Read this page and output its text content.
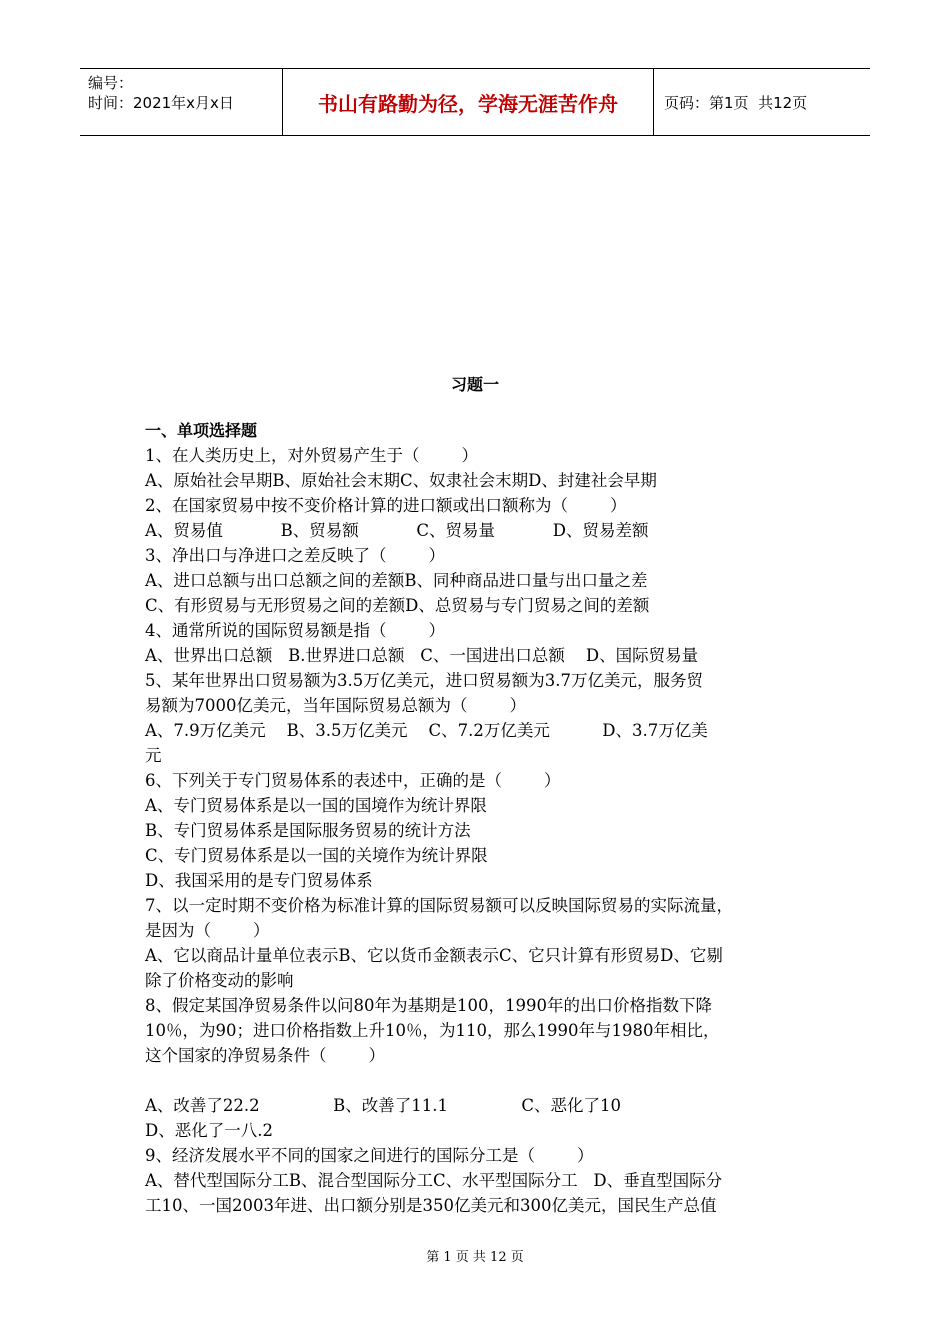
编号：
时间：2021年x月x日	书山有路勤为径，学海无涯苦作舟	页码：第1页  共12页
习题一
一、单项选择题
1、在人类历史上，对外贸易产生于（        ）
A、原始社会早期B、原始社会末期C、奴隶社会末期D、封建社会早期
2、在国家贸易中按不变价格计算的进口额或出口额称为（        ）
A、贸易值           B、贸易额           C、贸易量           D、贸易差额
3、净出口与净进口之差反映了（        ）
A、进口总额与出口总额之间的差额B、同种商品进口量与出口量之差
C、有形贸易与无形贸易之间的差额D、总贸易与专门贸易之间的差额
4、通常所说的国际贸易额是指（        ）
A、世界出口总额   B.世界进口总额   C、一国进出口总额    D、国际贸易量
5、某年世界出口贸易额为3.5万亿美元，进口贸易额为3.7万亿美元，服务贸
易额为7000亿美元，当年国际贸易总额为（        ）
A、7.9万亿美元    B、3.5万亿美元    C、7.2万亿美元          D、3.7万亿美
元
6、下列关于专门贸易体系的表述中，正确的是（        ）
A、专门贸易体系是以一国的国境作为统计界限
B、专门贸易体系是国际服务贸易的统计方法
C、专门贸易体系是以一国的关境作为统计界限
D、我国采用的是专门贸易体系
7、以一定时期不变价格为标准计算的国际贸易额可以反映国际贸易的实际流量，
是因为（        ）
A、它以商品计量单位表示B、它以货币金额表示C、它只计算有形贸易D、它剔
除了价格变动的影响
8、假定某国净贸易条件以问80年为基期是100，1990年的出口价格指数下降
10％，为90；进口价格指数上升10％，为110，那么1990年与1980年相比，
这个国家的净贸易条件（        ）
A、改善了22.2              B、改善了11.1              C、恶化了10
D、恶化了一八.2
9、经济发展水平不同的国家之间进行的国际分工是（        ）
A、替代型国际分工B、混合型国际分工C、水平型国际分工   D、垂直型国际分
工10、一国2003年进、出口额分别是350亿美元和300亿美元，国民生产总值
第 1 页 共 12 页
